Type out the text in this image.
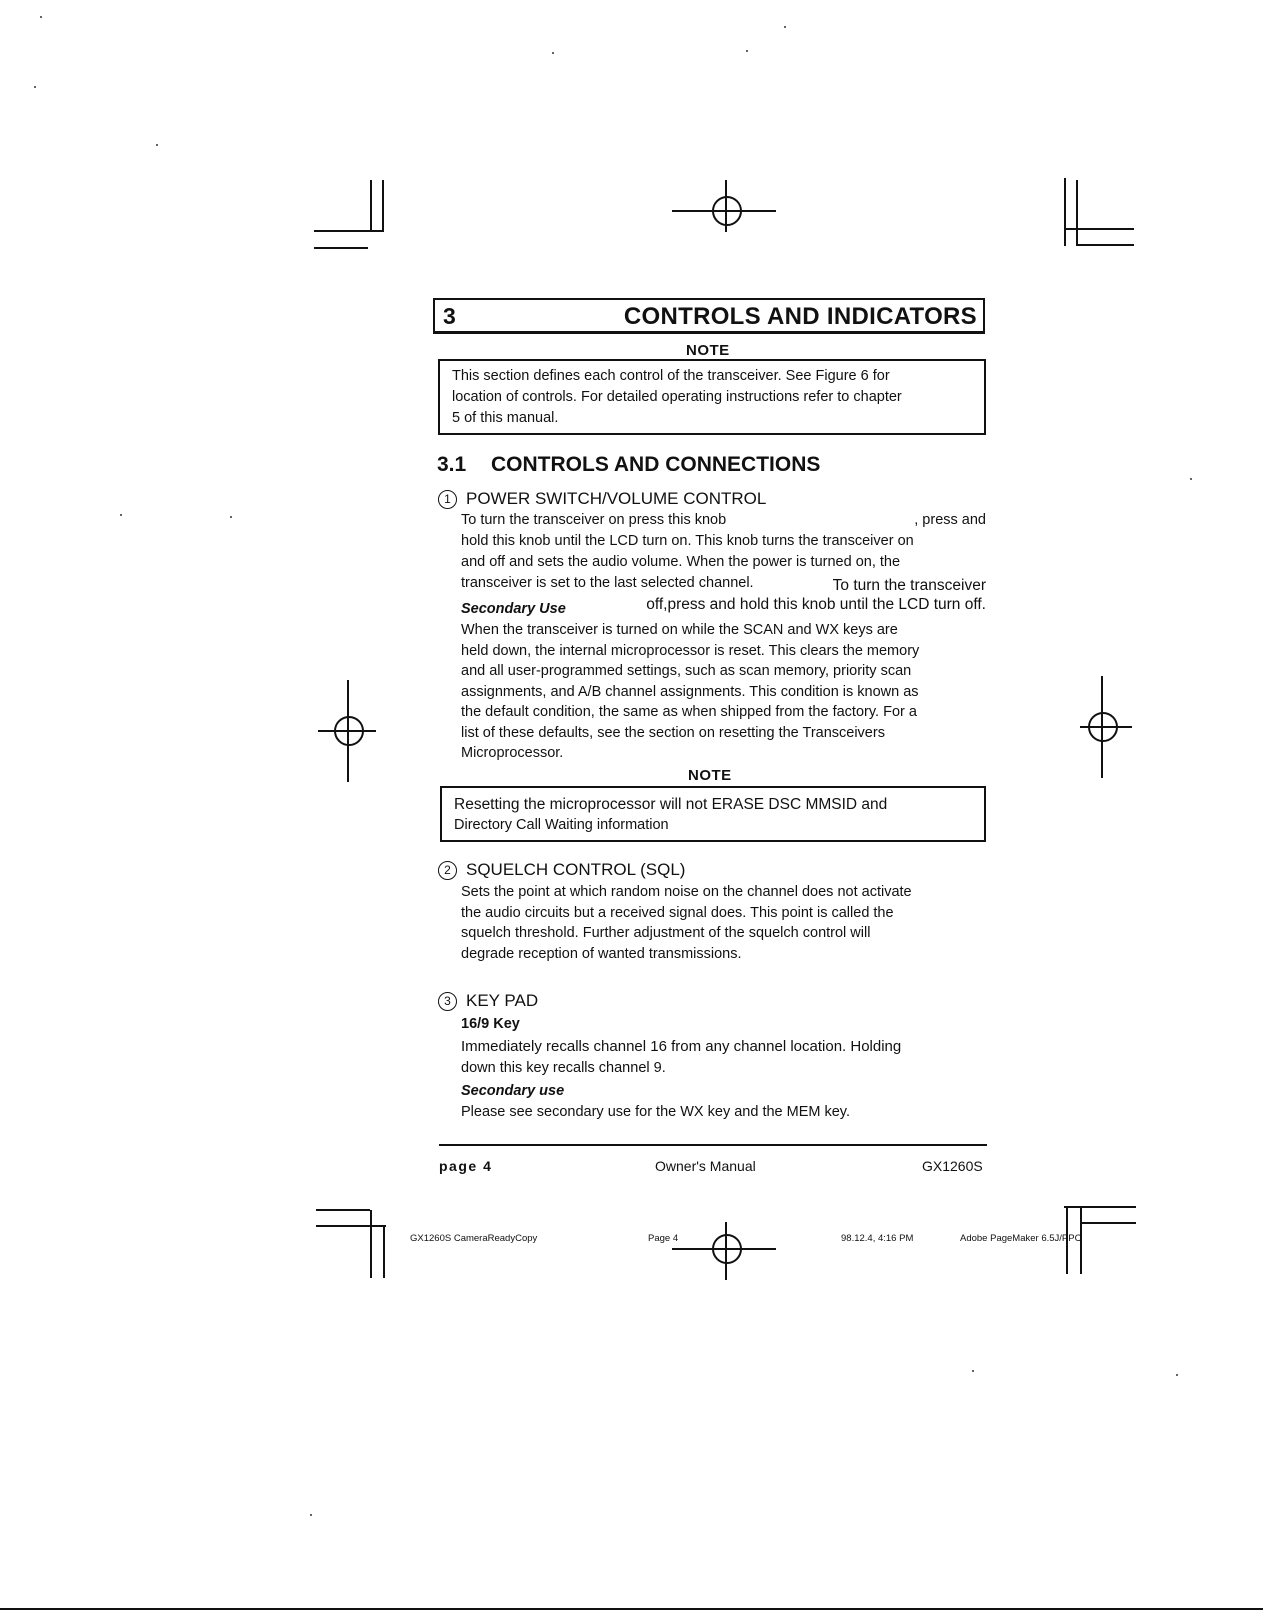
3	CONTROLS AND INDICATORS
NOTE
This section defines each control of the transceiver. See Figure 6 for
location of controls. For detailed operating instructions refer to chapter
5 of this manual.
3.1 CONTROLS AND CONNECTIONS
1 POWER SWITCH/VOLUME CONTROL
To turn the transceiver on press this knob	, press and
hold this knob until the LCD turn on. This knob turns the transceiver on
and off and sets the audio volume. When the power is turned on, the
transceiver is set to the last selected channel.	To turn the transceiver
Secondary Use	off,press and hold this knob until the LCD turn off.
When the transceiver is turned on while the SCAN and WX keys are
held down, the internal microprocessor is reset. This clears the memory
and all user-programmed settings, such as scan memory, priority scan
assignments, and A/B channel assignments. This condition is known as
the default condition, the same as when shipped from the factory. For a
list of these defaults, see the section on resetting the Transceivers
Microprocessor.
NOTE
Resetting the microprocessor will not ERASE DSC MMSID and
Directory Call Waiting information
2 SQUELCH CONTROL (SQL)
Sets the point at which random noise on the channel does not activate
the audio circuits but a received signal does. This point is called the
squelch threshold. Further adjustment of the squelch control will
degrade reception of wanted transmissions.
3 KEY PAD
16/9 Key
Immediately recalls channel 16 from any channel location. Holding
down this key recalls channel 9.
Secondary use
Please see secondary use for the WX key and the MEM key.
page 4	Owner's Manual	GX1260S
GX1260S CameraReadyCopy	Page 4	98.12.4, 4:16 PM	Adobe PageMaker 6.5J/PPC
